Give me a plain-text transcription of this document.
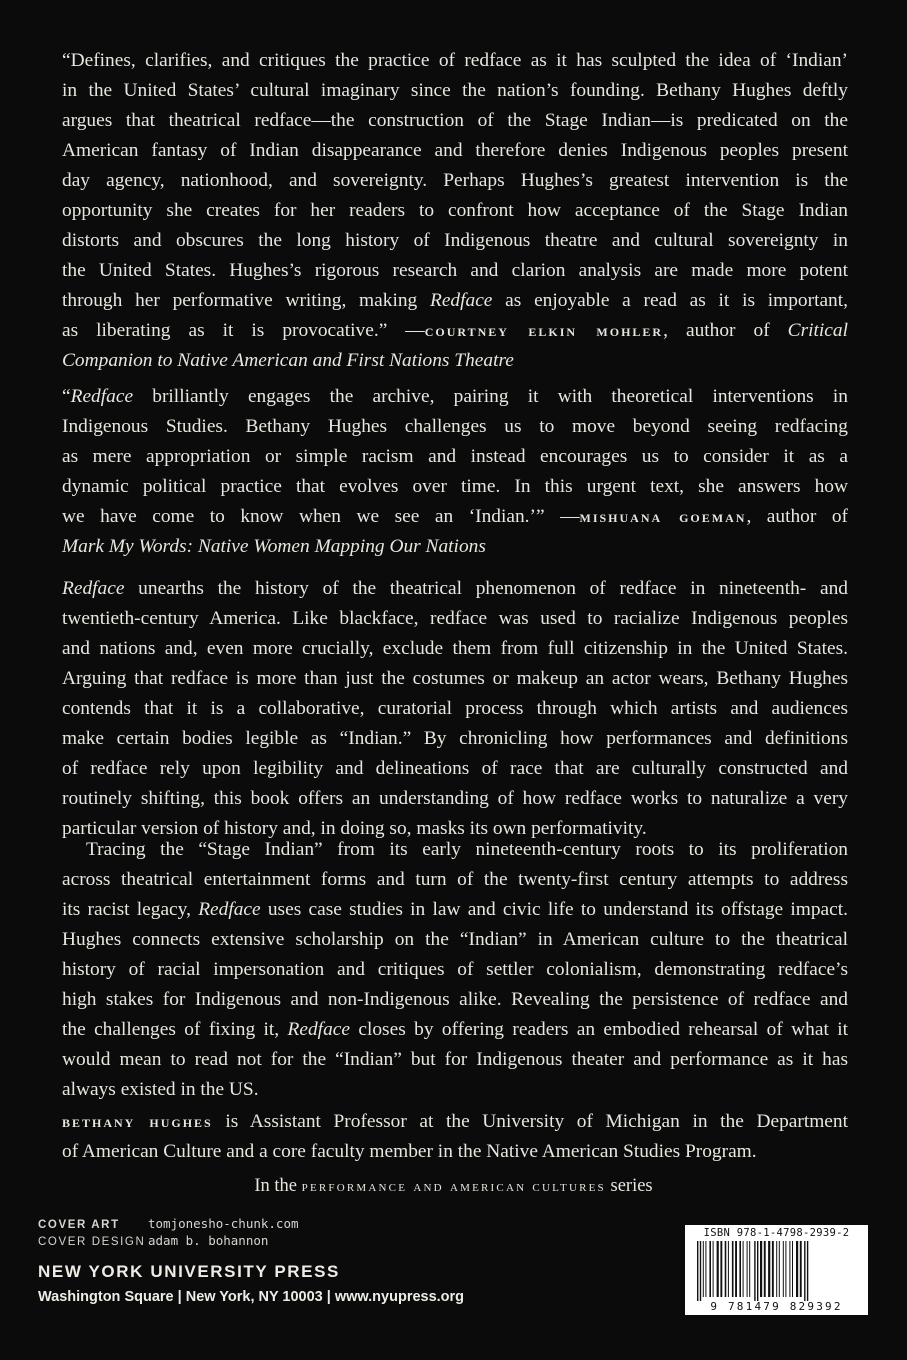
“Defines, clarifies, and critiques the practice of redface as it has sculpted the idea of ‘Indian’
in the United States’ cultural imaginary since the nation’s founding. Bethany Hughes deftly
argues that theatrical redface—the construction of the Stage Indian—is predicated on the
American fantasy of Indian disappearance and therefore denies Indigenous peoples present
day agency, nationhood, and sovereignty. Perhaps Hughes’s greatest intervention is the
opportunity she creates for her readers to confront how acceptance of the Stage Indian
distorts and obscures the long history of Indigenous theatre and cultural sovereignty in
the United States. Hughes’s rigorous research and clarion analysis are made more potent
through her performative writing, making Redface as enjoyable a read as it is important,
as liberating as it is provocative.” —courtney elkin mohler, author of Critical
Companion to Native American and First Nations Theatre
“Redface brilliantly engages the archive, pairing it with theoretical interventions in
Indigenous Studies. Bethany Hughes challenges us to move beyond seeing redfacing
as mere appropriation or simple racism and instead encourages us to consider it as a
dynamic political practice that evolves over time. In this urgent text, she answers how
we have come to know when we see an ‘Indian.’” —mishuana goeman, author of
Mark My Words: Native Women Mapping Our Nations
Redface unearths the history of the theatrical phenomenon of redface in nineteenth- and
twentieth-century America. Like blackface, redface was used to racialize Indigenous peoples
and nations and, even more crucially, exclude them from full citizenship in the United States.
Arguing that redface is more than just the costumes or makeup an actor wears, Bethany Hughes
contends that it is a collaborative, curatorial process through which artists and audiences
make certain bodies legible as “Indian.” By chronicling how performances and definitions
of redface rely upon legibility and delineations of race that are culturally constructed and
routinely shifting, this book offers an understanding of how redface works to naturalize a very
particular version of history and, in doing so, masks its own performativity.
Tracing the “Stage Indian” from its early nineteenth-century roots to its proliferation
across theatrical entertainment forms and turn of the twenty-first century attempts to address
its racist legacy, Redface uses case studies in law and civic life to understand its offstage impact.
Hughes connects extensive scholarship on the “Indian” in American culture to the theatrical
history of racial impersonation and critiques of settler colonialism, demonstrating redface’s
high stakes for Indigenous and non-Indigenous alike. Revealing the persistence of redface and
the challenges of fixing it, Redface closes by offering readers an embodied rehearsal of what it
would mean to read not for the “Indian” but for Indigenous theater and performance as it has
always existed in the US.
bethany hughes is Assistant Professor at the University of Michigan in the Department
of American Culture and a core faculty member in the Native American Studies Program.
In the performance and american cultures series
COVER ART tomjonesho-chunk.com
COVER DESIGN adam b. bohannon
NEW YORK UNIVERSITY PRESS
Washington Square | New York, NY 10003 | www.nyupress.org
ISBN 978-1-4798-2939-2
9 781479 829392
